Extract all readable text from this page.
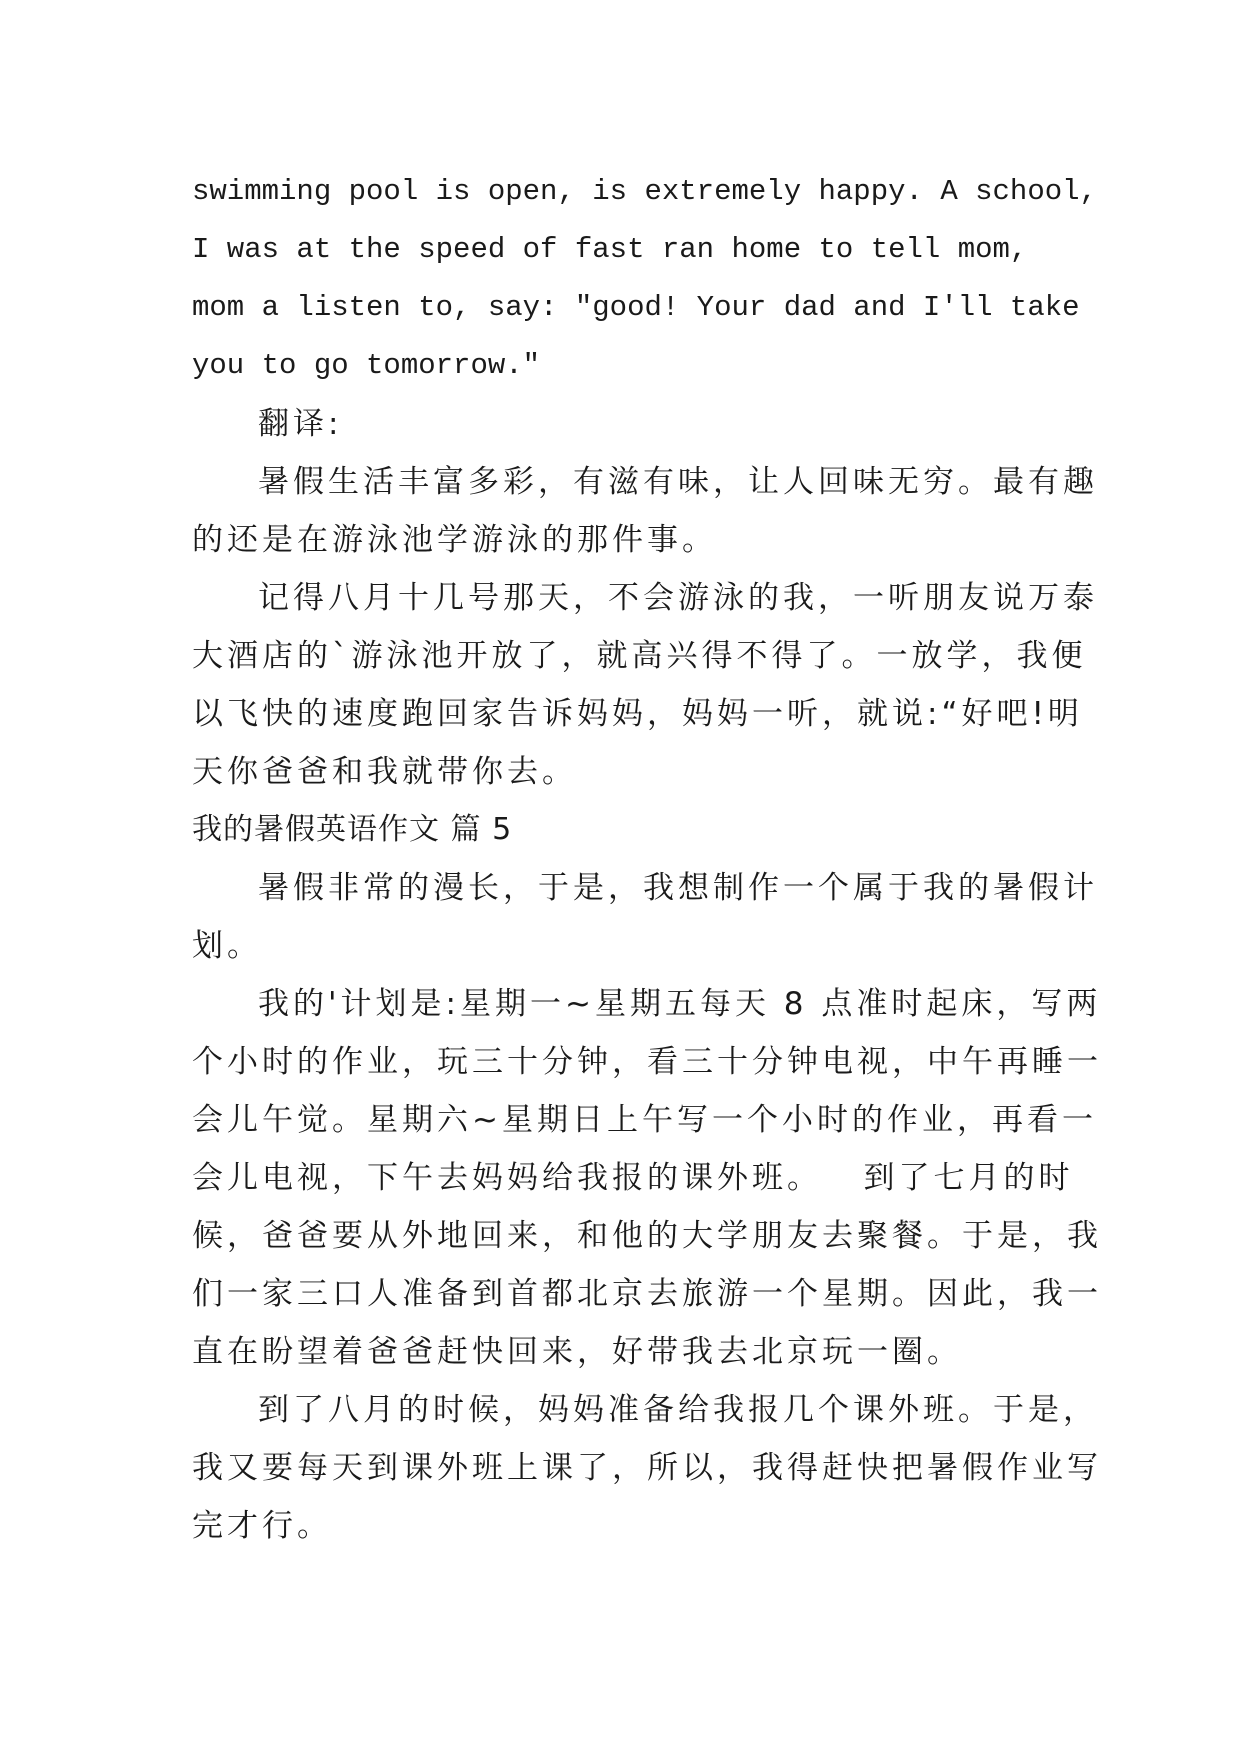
swimming pool is open, is extremely happy. A school,
I was at the speed of fast ran home to tell mom,
mom a listen to, say: "good! Your dad and I'll take
you to go tomorrow."
翻译:
暑假生活丰富多彩，有滋有味，让人回味无穷。最有趣
的还是在游泳池学游泳的那件事。
记得八月十几号那天，不会游泳的我，一听朋友说万泰
大酒店的`游泳池开放了，就高兴得不得了。一放学，我便
以飞快的速度跑回家告诉妈妈，妈妈一听，就说:“好吧!明
天你爸爸和我就带你去。
我的暑假英语作文 篇 5
暑假非常的漫长，于是，我想制作一个属于我的暑假计
划。
我的'计划是:星期一~星期五每天 8 点准时起床，写两
个小时的作业，玩三十分钟，看三十分钟电视，中午再睡一
会儿午觉。星期六~星期日上午写一个小时的作业，再看一
会儿电视，下午去妈妈给我报的课外班。   到了七月的时
候，爸爸要从外地回来，和他的大学朋友去聚餐。于是，我
们一家三口人准备到首都北京去旅游一个星期。因此，我一
直在盼望着爸爸赶快回来，好带我去北京玩一圈。
到了八月的时候，妈妈准备给我报几个课外班。于是，
我又要每天到课外班上课了，所以，我得赶快把暑假作业写
完才行。
